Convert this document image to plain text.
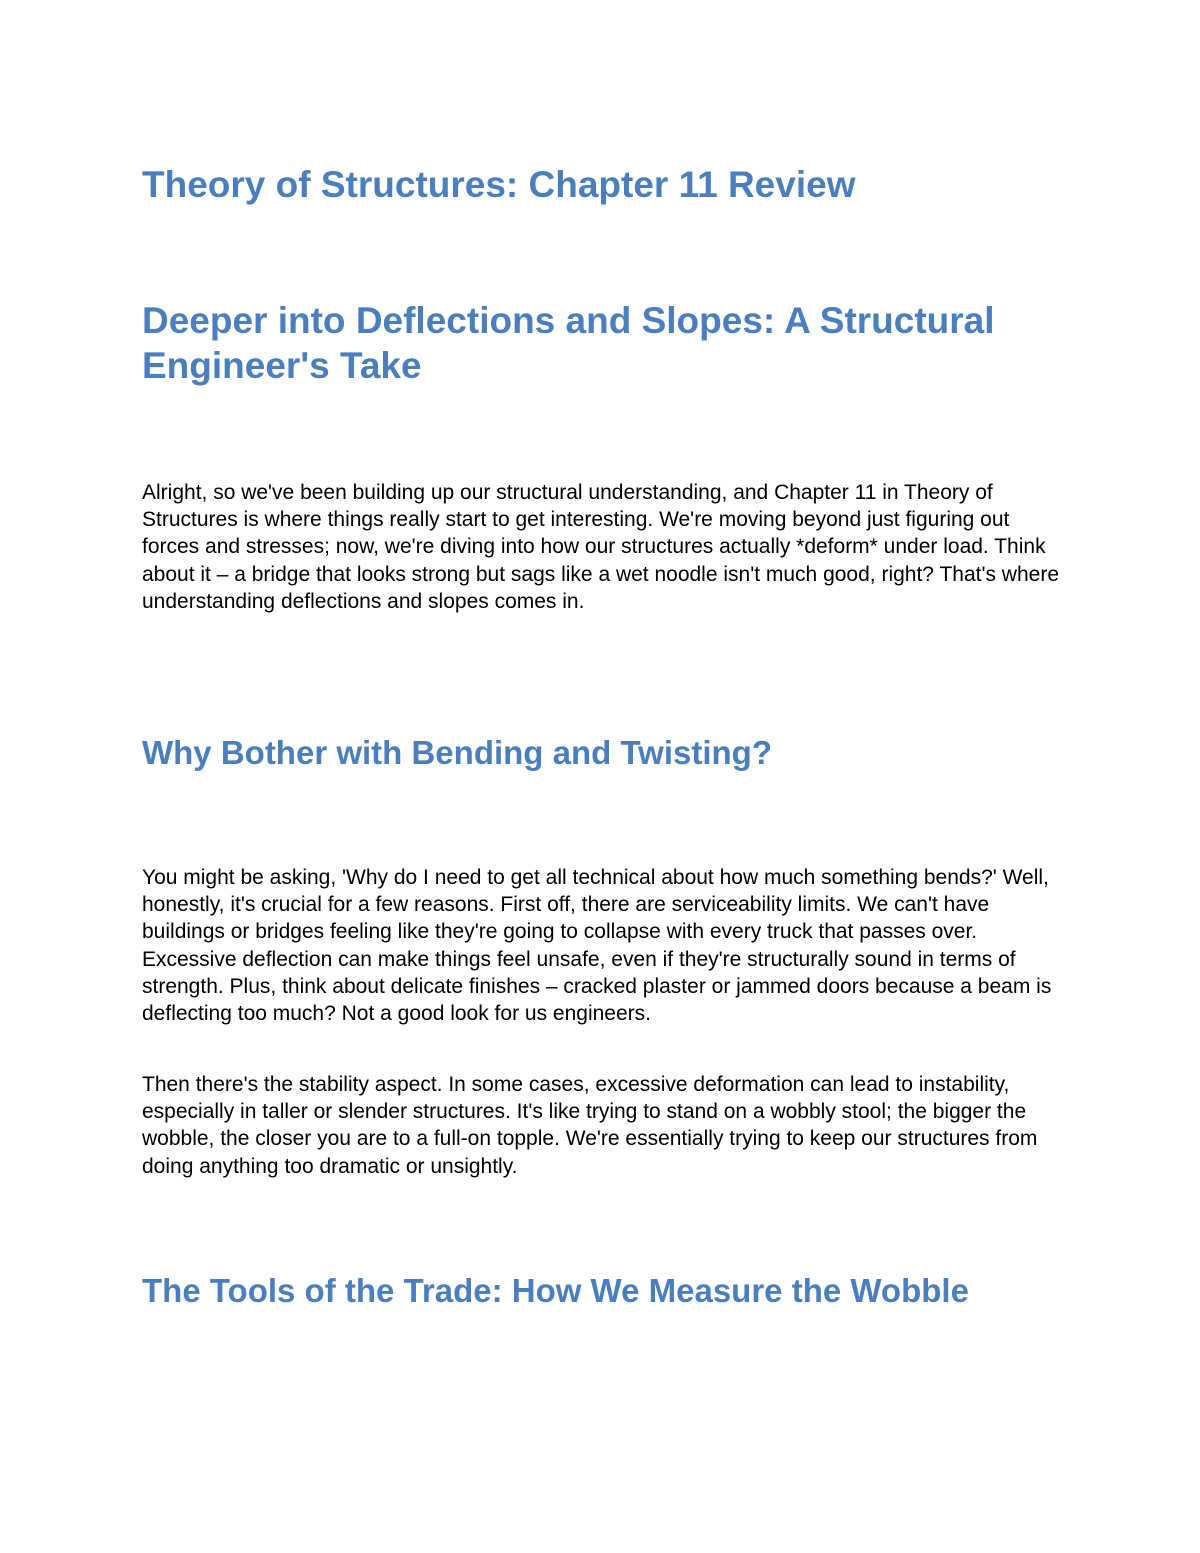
Theory of Structures: Chapter 11 Review
Deeper into Deflections and Slopes: A Structural Engineer's Take

Alright, so we've been building up our structural understanding, and Chapter 11 in Theory of Structures is where things really start to get interesting. We're moving beyond just figuring out forces and stresses; now, we're diving into how our structures actually *deform* under load. Think about it – a bridge that looks strong but sags like a wet noodle isn't much good, right? That's where understanding deflections and slopes comes in.

Why Bother with Bending and Twisting?

You might be asking, 'Why do I need to get all technical about how much something bends?' Well, honestly, it's crucial for a few reasons. First off, there are serviceability limits. We can't have buildings or bridges feeling like they're going to collapse with every truck that passes over. Excessive deflection can make things feel unsafe, even if they're structurally sound in terms of strength. Plus, think about delicate finishes – cracked plaster or jammed doors because a beam is deflecting too much? Not a good look for us engineers.

Then there's the stability aspect. In some cases, excessive deformation can lead to instability, especially in taller or slender structures. It's like trying to stand on a wobbly stool; the bigger the wobble, the closer you are to a full-on topple. We're essentially trying to keep our structures from doing anything too dramatic or unsightly.

The Tools of the Trade: How We Measure the Wobble
